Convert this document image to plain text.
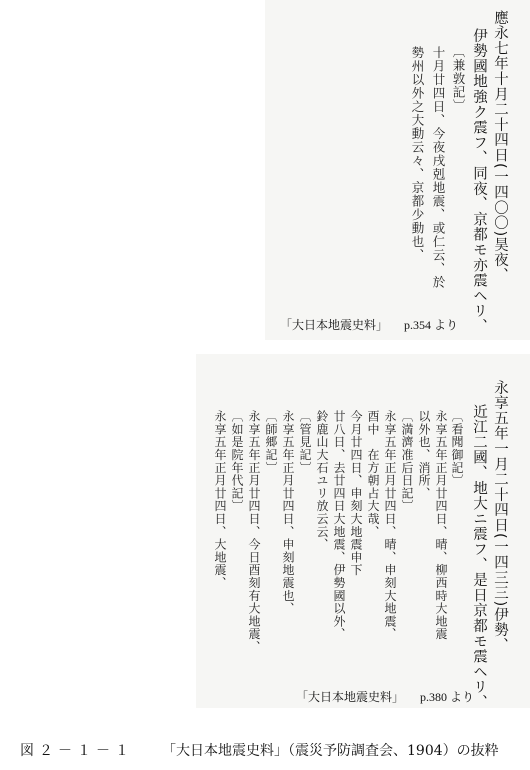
應永七年十月二十四日(一四〇〇)昊夜、
伊勢國地強ク震フ、同夜、京都モ亦震ヘリ、
〔兼敦記〕
十月廿四日、今夜戌剋地震、或仁云、於
勢州以外之大動云々、京都少動也、
「大日本地震史料」 p.354 より
永享五年一月二十四日(一四三三)伊勢、
近江二國、地大ニ震フ、是日京都モ震ヘリ、
〔看聞御記〕
永享五年正月廿四日、晴、柳西時大地震
以外也、消所、
〔満濟准后日記〕
永享五年正月廿四日、晴、申刻大地震、
酉中　在方朝占大哉、
今月廿四日、申刻大地震申下
廿八日、去廿四日大地震、伊勢國以外、
鈴鹿山大石ユリ放云云、
〔管見記〕
永享五年正月廿四日、申刻地震也、
〔師郷記〕
永享五年正月廿四日、今日酉刻有大地震、
〔如是院年代記〕
永享五年正月廿四日、大地震、
「大日本地震史料」 p.380 より
図２－１－１ 「大日本地震史料」（震災予防調査会、1904）の抜粋
